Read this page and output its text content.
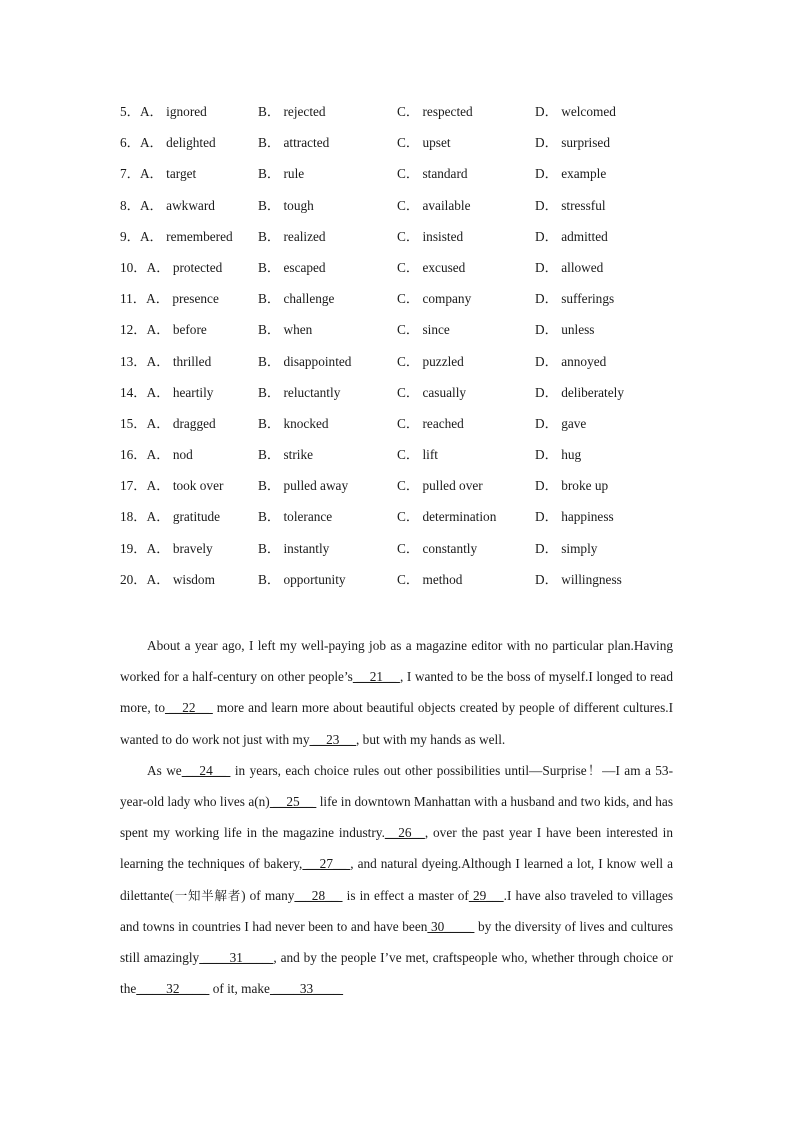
5．A． ignored	B． rejected	C． respected	D． welcomed
6．A． delighted	B． attracted	C． upset	D． surprised
7．A． target	B． rule	C． standard	D． example
8．A． awkward	B． tough	C． available	D． stressful
9．A． remembered B． realized	C． insisted	D． admitted
10．A． protected	B． escaped	C． excused	D． allowed
11．A． presence	B． challenge	C． company	D． sufferings
12．A． before	B． when	C． since	D． unless
13．A． thrilled	B． disappointed	C． puzzled	D． annoyed
14．A． heartily	B． reluctantly	C． casually	D． deliberately
15．A． dragged	B． knocked	C． reached	D． gave
16．A． nod	B． strike	C． lift	D． hug
17．A． took over	B． pulled away	C． pulled over	D． broke up
18．A． gratitude	B． tolerance	C． determination	D． happiness
19．A． bravely	B． instantly	C． constantly	D． simply
20．A． wisdom	B． opportunity	C． method	D． willingness

About a year ago, I left my well-paying job as a magazine editor with no particular plan.Having worked for a half-century on other people’s __21__ , I wanted to be the boss of myself.I longed to read more, to __22__  more and learn more about beautiful objects created by people of different cultures.I wanted to do work not just with my __23__ , but with my hands as well.

As we __24__  in years, each choice rules out other possibilities until—Surprise！—I am a 53-year-old lady who lives a(n) __25__  life in downtown Manhattan with a husband and two kids, and has spent my working life in the magazine industry.__26__, over the past year I have been interested in learning the techniques of bakery, __27__ , and natural dyeing.Although I learned a lot, I know well a dilettante(一知半解者) of many __28__  is in effect a master of 29__ .I have also traveled to villages and towns in countries I had never been to and have been 30____  by the diversity of lives and cultures still amazingly ____31____ , and by the people I’ve met, craftspeople who, whether through choice or the ____32____  of it, make ____33____
